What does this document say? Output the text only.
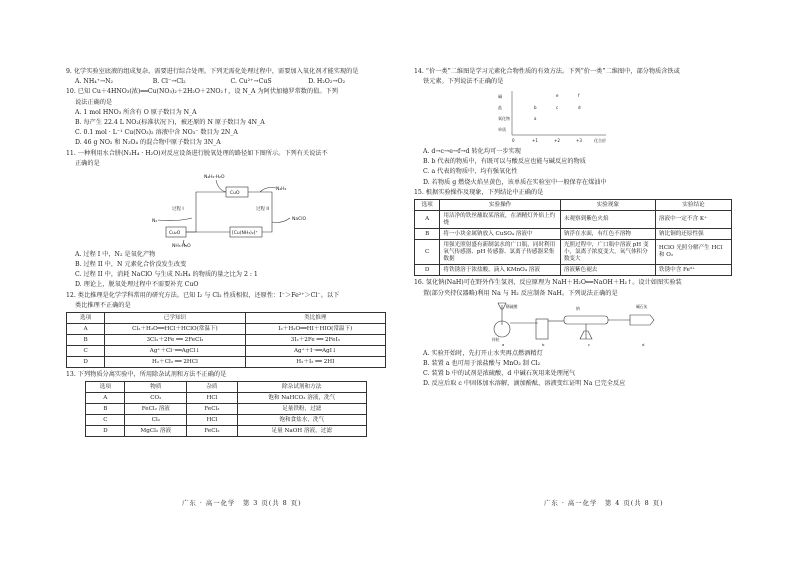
9. 化学实验室底液的组成复杂，需要进行综合处理。下列无需化处理过程中，需要加入氧化剂才能实现的是

A. NH₄⁺→N₂	B. Cl⁻→Cl₂	C. Cu²⁺→CuS	D. H₂O₂→O₂

10. 已知 Cu＋4HNO₃(浓)══Cu(NO₃)₂＋2H₂O＋2NO₂↑，设 N_A 为阿伏加德罗常数的值。下列

说法正确的是

A. 1 mol HNO₃ 所含有 O 原子数目为 N_A

B. 每产生 22.4 L NO₂(标准状况下)，被还原的 N 原子数目为 4N_A

C. 0.1 mol · L⁻¹ Cu(NO₃)₂ 溶液中含 NO₃⁻ 数目为 2N_A

D. 46 g NO₂ 和 N₂O₄ 的混合物中原子数目为 3N_A

11. 一种利用水合肼(N₂H₄ · H₂O)对反应设备进行脱氧处理的路径如下图所示。下列有关说法不

正确的是

N₂H₄·H₂O
CuO
N₂H₄
过程 I	过程 II
N₂	NaClO
Cu₂O	[Cu(NH₃)₂]⁺
NH₃·H₂O

A. 过程 I 中，N₂ 是氧化产物

B. 过程 II 中，N 元素化合价没发生改变

C. 过程 II 中，消耗 NaClO 与生成 N₂H₄ 的物质的量之比为 2 : 1

D. 理论上，脱氧处理过程中不需要补充 CuO

12. 类比推理是化学学科常用的研究方法。已知 I₂ 与 Cl₂ 性质相似，还原性：I⁻＞Fe²⁺＞Cl⁻。以下

类比推理不正确的是

选项	已学知识	类比推理
A	Cl₂＋H₂O══HCl＋HClO(常温下)	I₂＋H₂O══HI＋HIO(常温下)
B	3Cl₂＋2Fe ══ 2FeCl₃	3I₂＋2Fe ══ 2FeI₃
C	Ag⁺＋Cl⁻══AgCl↓	Ag⁺＋I⁻══AgI↓
D	H₂＋Cl₂ ══ 2HCl	H₂＋I₂ ══ 2HI

13. 下列物质分离实验中，所用除杂试剂和方法不正确的是

选项	物质	杂质	除杂试剂和方法
A	CO₂	HCl	饱和 NaHCO₃ 溶液，洗气
B	FeCl₂ 溶液	FeCl₃	足量铁粉，过滤
C	Cl₂	HCl	饱和食盐水，洗气
D	MgCl₂ 溶液	FeCl₃	足量 NaOH 溶液，过滤
广东 · 高一化学　第 3 页(共 8 页)

14. “价一类”二维图是学习元素化合物性质的有效方法。下列“价一类”二维图中，部分物质含铁或

铁元素。下列说法不正确的是

碱
盐
氧化物
单质
0	+1	+2	+3	化合价
e	f
b	c	d
a

A. d→c→e→f→d 转化均可一步实现

B. b 代表的物质中，有既可以与酸反应也能与碱反应的物质

C. a 代表的物质中，均有强氧化性

D. 若物质 g 燃烧火焰呈黄色，该单质在实验室中一般保存在煤油中

15. 根据实验操作及现象，下列结论中正确的是

选项	实验操作	实验现象	实验结论
A	用洁净的铁丝蘸取某溶液，在酒精灯外焰上灼烧	未观察到紫色火焰	溶液中一定不含 K⁺
B	将一小块金属钠放入 CuSO₄ 溶液中	钠浮在水面，有红色不溶物	钠比铜的还原性强
C	用强光照射盛有新制氯水的广口瓶，同时利用氧气传感器、pH 传感器、氯离子传感器采集数据	光照过程中，广口瓶中溶液 pH 变小，氯离子浓度变大，氧气体积分数变大	HClO 光照分解产生 HCl 和 O₂
D	将铁锈溶于浓盐酸，滴入 KMnO₄ 溶液	溶液紫色褪去	铁锈中含 Fe²⁺

16. 氢化钠(NaH)可在野外作生氢剂，反应原理为 NaH＋H₂O══NaOH＋H₂↑。设计如图实验装

置(部分夹持仪器略)利用 Na 与 H₂ 反应制备 NaH。下列说法正确的是

稀硫酸
锌粒
钠	碱石灰
a	b	c	d

A. 实验开始时，先打开止水夹再点燃酒精灯

B. 装置 a 也可用于浓盐酸与 MnO₂ 制 Cl₂

C. 装置 b 中的试剂是浓硫酸，d 中碱石灰用来处理尾气

D. 反应后取 c 中固体加水溶解，滴加酚酞，溶液变红证明 Na 已完全反应

广东 · 高一化学　第 4 页(共 8 页)
